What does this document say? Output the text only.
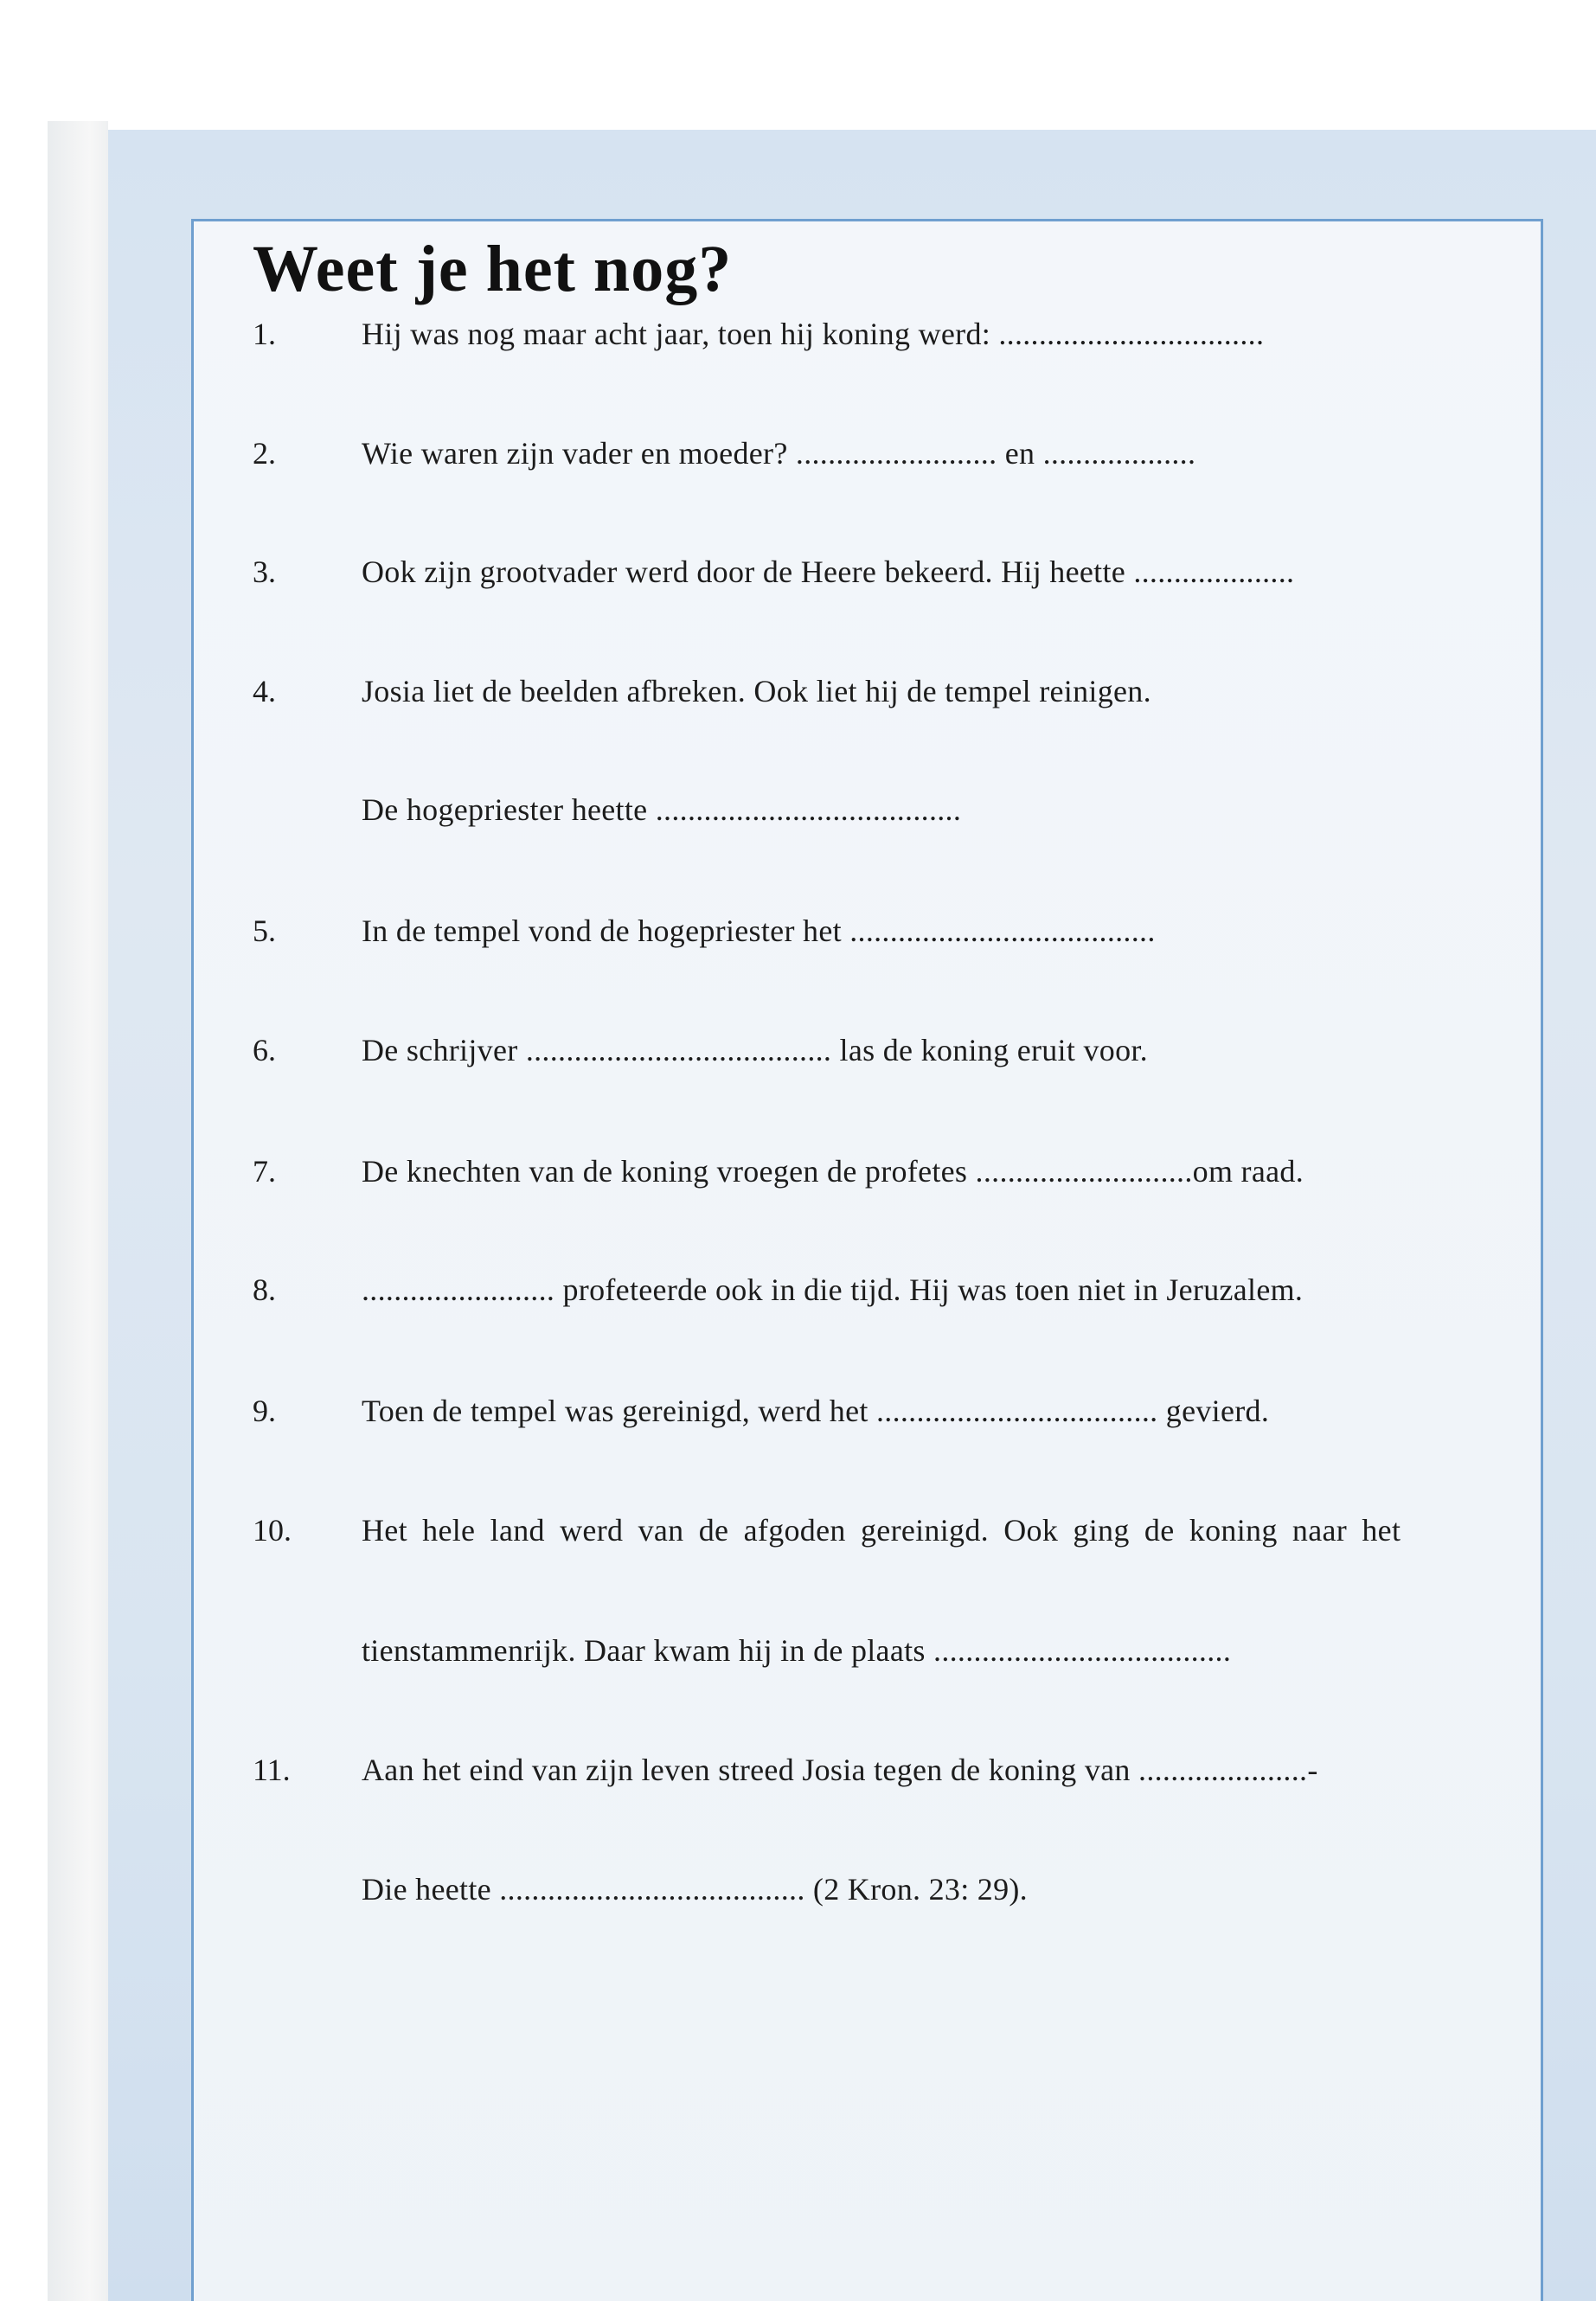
Weet je het nog?
1.	Hij was nog maar acht jaar, toen hij koning werd: .................................
2.	Wie waren zijn vader en moeder? ......................... en ...................
3.	Ook zijn grootvader werd door de Heere bekeerd. Hij heette ....................
4.	Josia liet de beelden afbreken. Ook liet hij de tempel reinigen.
De hogepriester heette ......................................
5.	In de tempel vond de hogepriester het ......................................
6.	De schrijver ...................................... las de koning eruit voor.
7.	De knechten van de koning vroegen de profetes ...........................om raad.
8.	........................ profeteerde ook in die tijd. Hij was toen niet in Jeruzalem.
9.	Toen de tempel was gereinigd, werd het ................................... gevierd.
10. Het hele land werd van de afgoden gereinigd. Ook ging de koning naar het
tienstammenrijk. Daar kwam hij in de plaats .....................................
11. Aan het eind van zijn leven streed Josia tegen de koning van .....................-
Die heette ...................................... (2 Kron. 23: 29).
